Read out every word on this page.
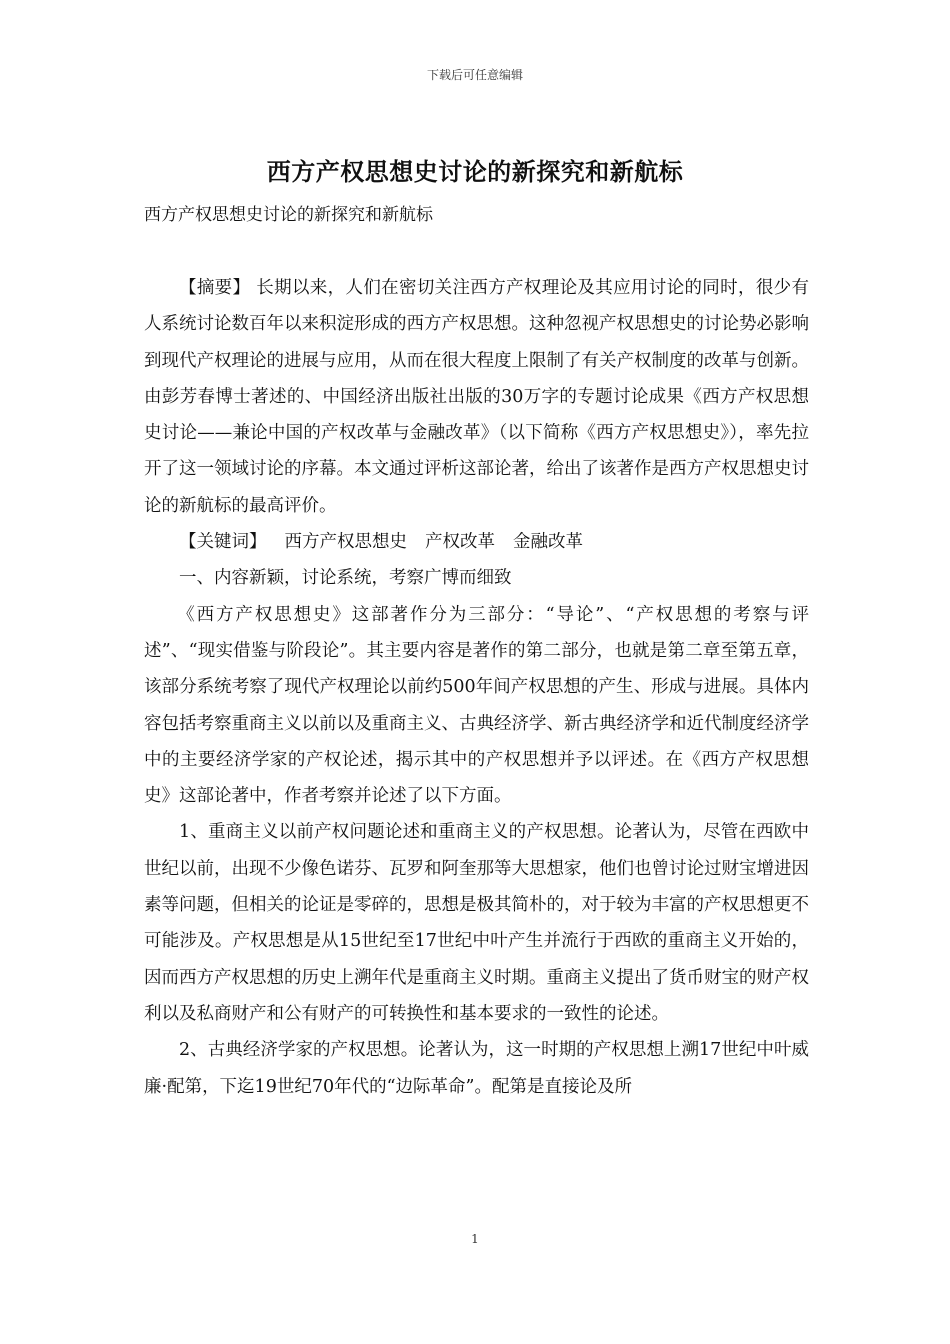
下载后可任意编辑
西方产权思想史讨论的新探究和新航标
西方产权思想史讨论的新探究和新航标

【摘要】 长期以来，人们在密切关注西方产权理论及其应用讨论的同时，很少有人系统讨论数百年以来积淀形成的西方产权思想。这种忽视产权思想史的讨论势必影响到现代产权理论的进展与应用，从而在很大程度上限制了有关产权制度的改革与创新。由彭芳春博士著述的、中国经济出版社出版的30万字的专题讨论成果《西方产权思想史讨论——兼论中国的产权改革与金融改革》（以下简称《西方产权思想史》），率先拉开了这一领域讨论的序幕。本文通过评析这部论著，给出了该著作是西方产权思想史讨论的新航标的最高评价。

【关键词】 西方产权思想史 产权改革 金融改革

一、内容新颖，讨论系统，考察广博而细致

《西方产权思想史》这部著作分为三部分：“导论”、“产权思想的考察与评述”、“现实借鉴与阶段论”。其主要内容是著作的第二部分，也就是第二章至第五章，该部分系统考察了现代产权理论以前约500年间产权思想的产生、形成与进展。具体内容包括考察重商主义以前以及重商主义、古典经济学、新古典经济学和近代制度经济学中的主要经济学家的产权论述，揭示其中的产权思想并予以评述。在《西方产权思想史》这部论著中，作者考察并论述了以下方面。

1、重商主义以前产权问题论述和重商主义的产权思想。论著认为，尽管在西欧中世纪以前，出现不少像色诺芬、瓦罗和阿奎那等大思想家，他们也曾讨论过财宝增进因素等问题，但相关的论证是零碎的，思想是极其简朴的，对于较为丰富的产权思想更不可能涉及。产权思想是从15世纪至17世纪中叶产生并流行于西欧的重商主义开始的，因而西方产权思想的历史上溯年代是重商主义时期。重商主义提出了货币财宝的财产权利以及私商财产和公有财产的可转换性和基本要求的一致性的论述。

2、古典经济学家的产权思想。论著认为，这一时期的产权思想上溯17世纪中叶威廉·配第，下迄19世纪70年代的“边际革命”。配第是直接论及所

1
